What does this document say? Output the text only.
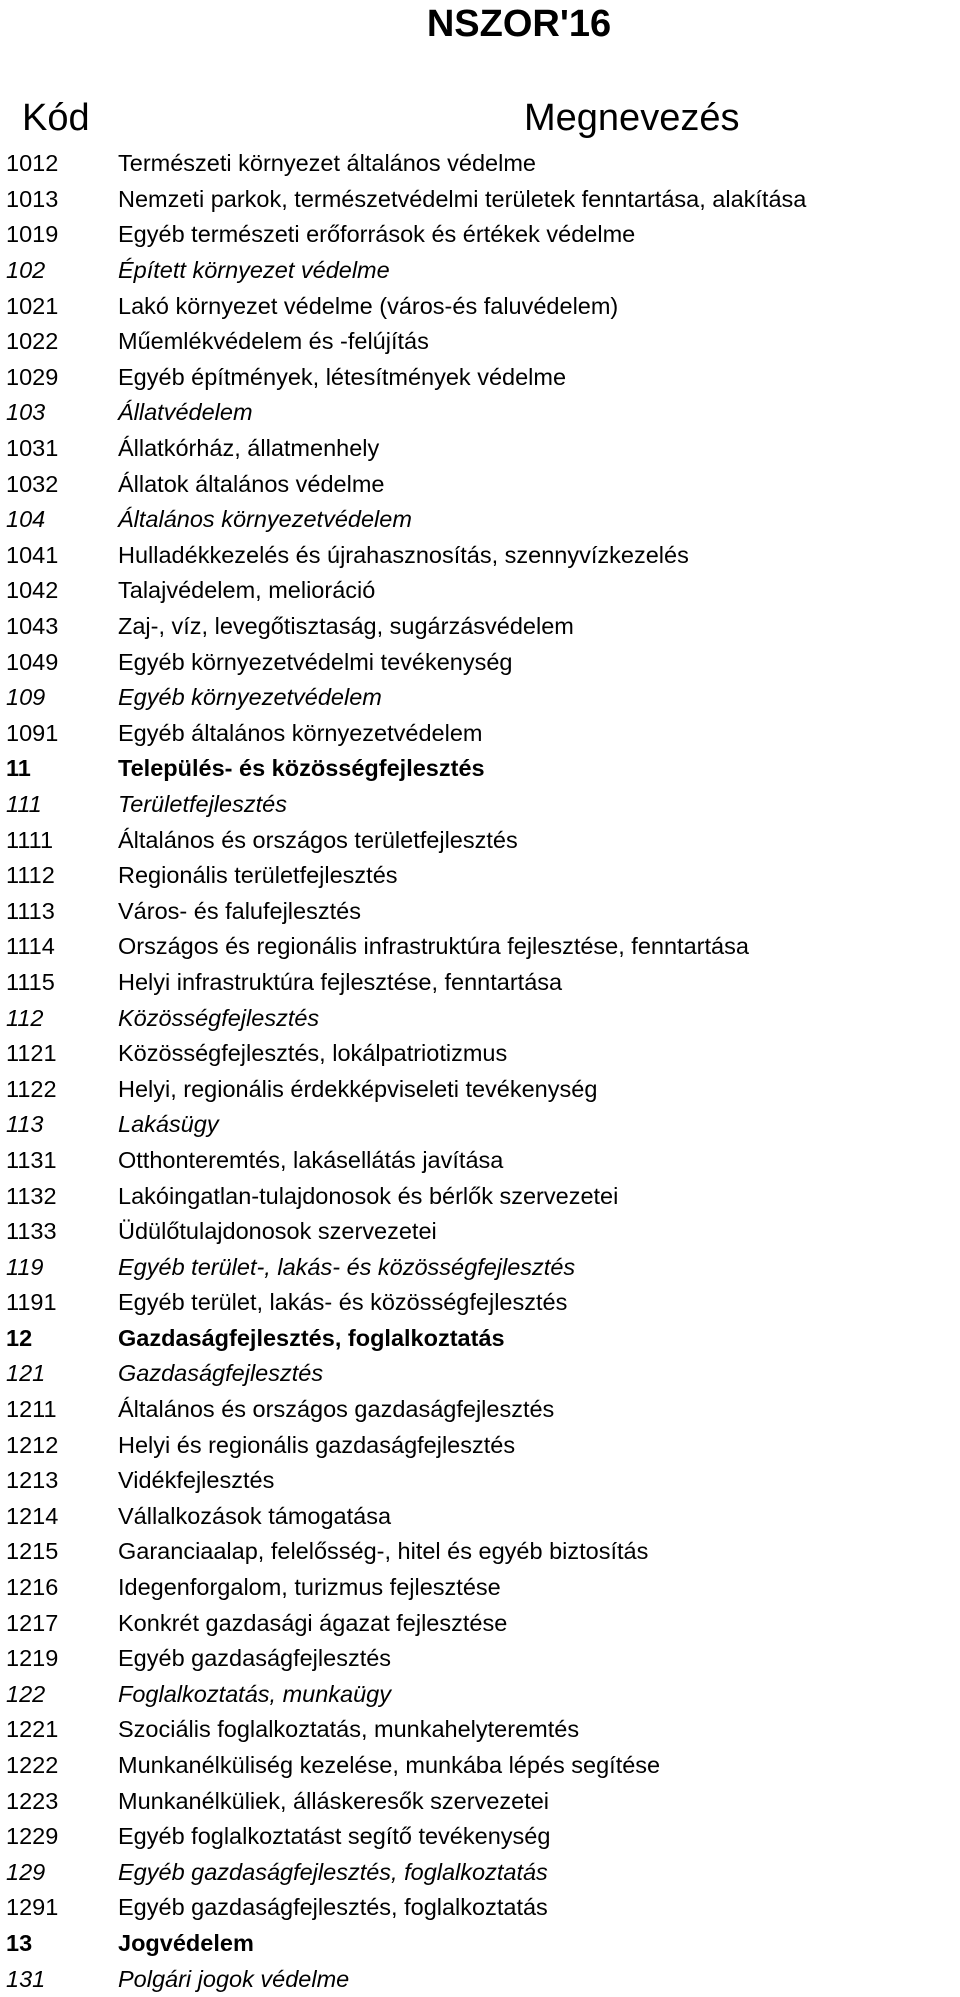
NSZOR'16
Kód	Megnevezés
1012	Természeti környezet általános védelme
1013	Nemzeti parkok, természetvédelmi területek fenntartása, alakítása
1019	Egyéb természeti erőforrások és értékek védelme
102	Épített környezet védelme
1021	Lakó környezet védelme (város-és faluvédelem)
1022	Műemlékvédelem és -felújítás
1029	Egyéb építmények, létesítmények védelme
103	Állatvédelem
1031	Állatkórház, állatmenhely
1032	Állatok általános védelme
104	Általános környezetvédelem
1041	Hulladékkezelés és újrahasznosítás, szennyvízkezelés
1042	Talajvédelem, melioráció
1043	Zaj-, víz, levegőtisztaság, sugárzásvédelem
1049	Egyéb környezetvédelmi tevékenység
109	Egyéb környezetvédelem
1091	Egyéb általános környezetvédelem
11	Település- és közösségfejlesztés
111	Területfejlesztés
1111	Általános és országos területfejlesztés
1112	Regionális területfejlesztés
1113	Város- és falufejlesztés
1114	Országos és regionális infrastruktúra fejlesztése, fenntartása
1115	Helyi infrastruktúra fejlesztése, fenntartása
112	Közösségfejlesztés
1121	Közösségfejlesztés, lokálpatriotizmus
1122	Helyi, regionális érdekképviseleti tevékenység
113	Lakásügy
1131	Otthonteremtés, lakásellátás javítása
1132	Lakóingatlan-tulajdonosok és bérlők szervezetei
1133	Üdülőtulajdonosok szervezetei
119	Egyéb terület-, lakás- és közösségfejlesztés
1191	Egyéb terület, lakás- és közösségfejlesztés
12	Gazdaságfejlesztés, foglalkoztatás
121	Gazdaságfejlesztés
1211	Általános és országos gazdaságfejlesztés
1212	Helyi és regionális gazdaságfejlesztés
1213	Vidékfejlesztés
1214	Vállalkozások támogatása
1215	Garanciaalap, felelősség-, hitel és egyéb biztosítás
1216	Idegenforgalom, turizmus fejlesztése
1217	Konkrét gazdasági ágazat fejlesztése
1219	Egyéb gazdaságfejlesztés
122	Foglalkoztatás, munkaügy
1221	Szociális foglalkoztatás, munkahelyteremtés
1222	Munkanélküliség kezelése, munkába lépés segítése
1223	Munkanélküliek, álláskeresők szervezetei
1229	Egyéb foglalkoztatást segítő tevékenység
129	Egyéb gazdaságfejlesztés, foglalkoztatás
1291	Egyéb gazdaságfejlesztés, foglalkoztatás
13	Jogvédelem
131	Polgári jogok védelme
